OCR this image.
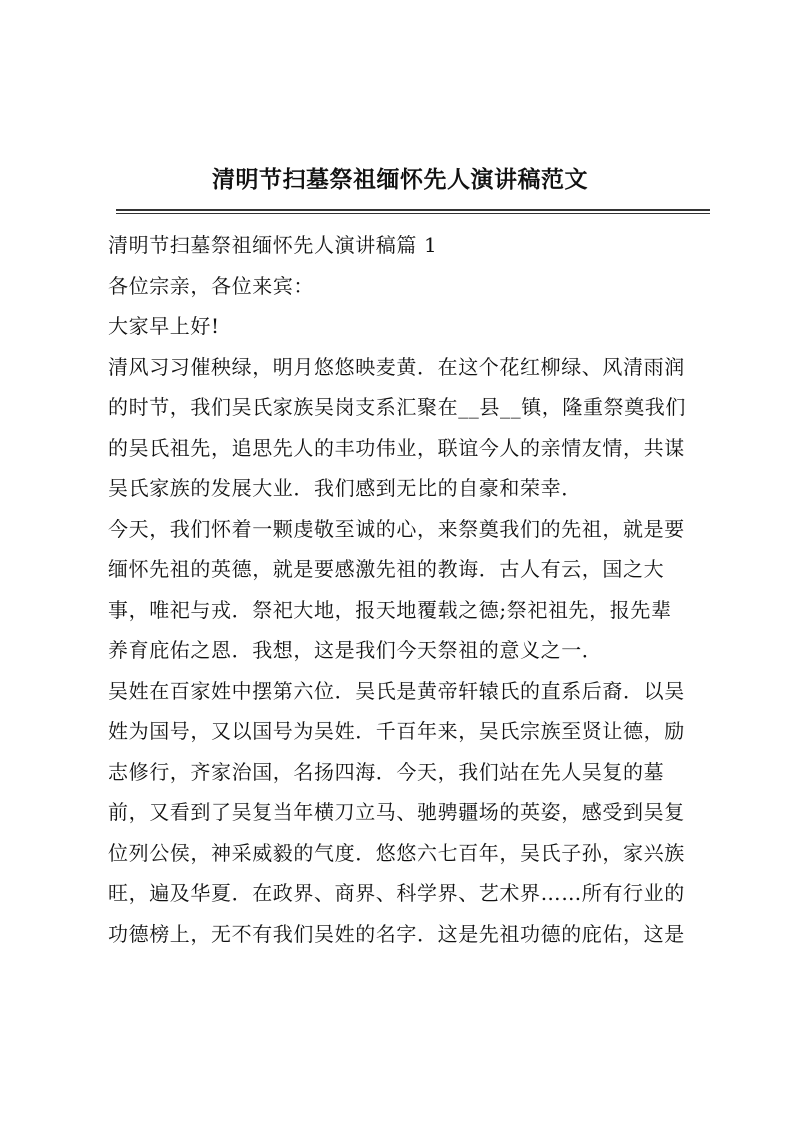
清明节扫墓祭祖缅怀先人演讲稿范文

清明节扫墓祭祖缅怀先人演讲稿篇 1

各位宗亲，各位来宾：

大家早上好!

清风习习催秧绿，明月悠悠映麦黄．在这个花红柳绿、风清雨润
的时节，我们吴氏家族吴岗支系汇聚在__县__镇，隆重祭奠我们
的吴氏祖先，追思先人的丰功伟业，联谊今人的亲情友情，共谋
吴氏家族的发展大业．我们感到无比的自豪和荣幸．

今天，我们怀着一颗虔敬至诚的心，来祭奠我们的先祖，就是要
缅怀先祖的英德，就是要感激先祖的教诲．古人有云，国之大
事，唯祀与戎．祭祀大地，报天地覆载之德;祭祀祖先，报先辈
养育庇佑之恩．我想，这是我们今天祭祖的意义之一．

吴姓在百家姓中摆第六位．吴氏是黄帝轩辕氏的直系后裔．以吴
姓为国号，又以国号为吴姓．千百年来，吴氏宗族至贤让德，励
志修行，齐家治国，名扬四海．今天，我们站在先人吴复的墓
前，又看到了吴复当年横刀立马、驰骋疆场的英姿，感受到吴复
位列公侯，神采威毅的气度．悠悠六七百年，吴氏子孙，家兴族
旺，遍及华夏．在政界、商界、科学界、艺术界……所有行业的
功德榜上，无不有我们吴姓的名字．这是先祖功德的庇佑，这是
